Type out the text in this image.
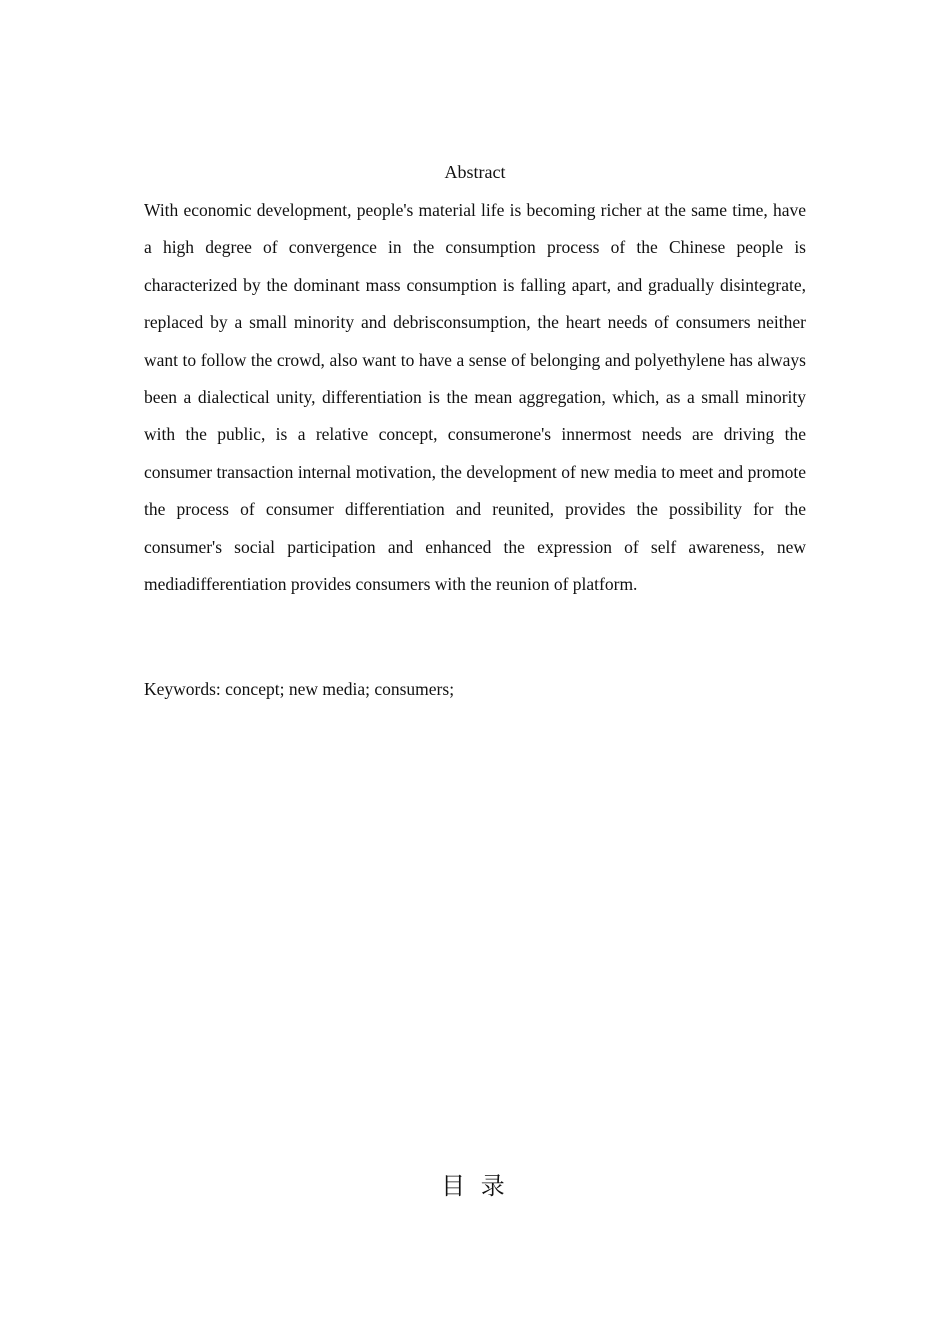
Abstract

With economic development, people's material life is becoming richer at the same time, have a high degree of convergence in the consumption process of the Chinese people is characterized by the dominant mass consumption is falling apart, and gradually disintegrate, replaced by a small minority and debrisconsumption, the heart needs of consumers neither want to follow the crowd, also want to have a sense of belonging and polyethylene has always been a dialectical unity, differentiation is the mean aggregation, which, as a small minority with the public, is a relative concept, consumerone's innermost needs are driving the consumer transaction internal motivation, the development of new media to meet and promote the process of consumer differentiation and reunited, provides the possibility for the consumer's social participation and enhanced the expression of self awareness, new mediadifferentiation provides consumers with the reunion of platform.

Keywords: concept; new media; consumers;

目 录
